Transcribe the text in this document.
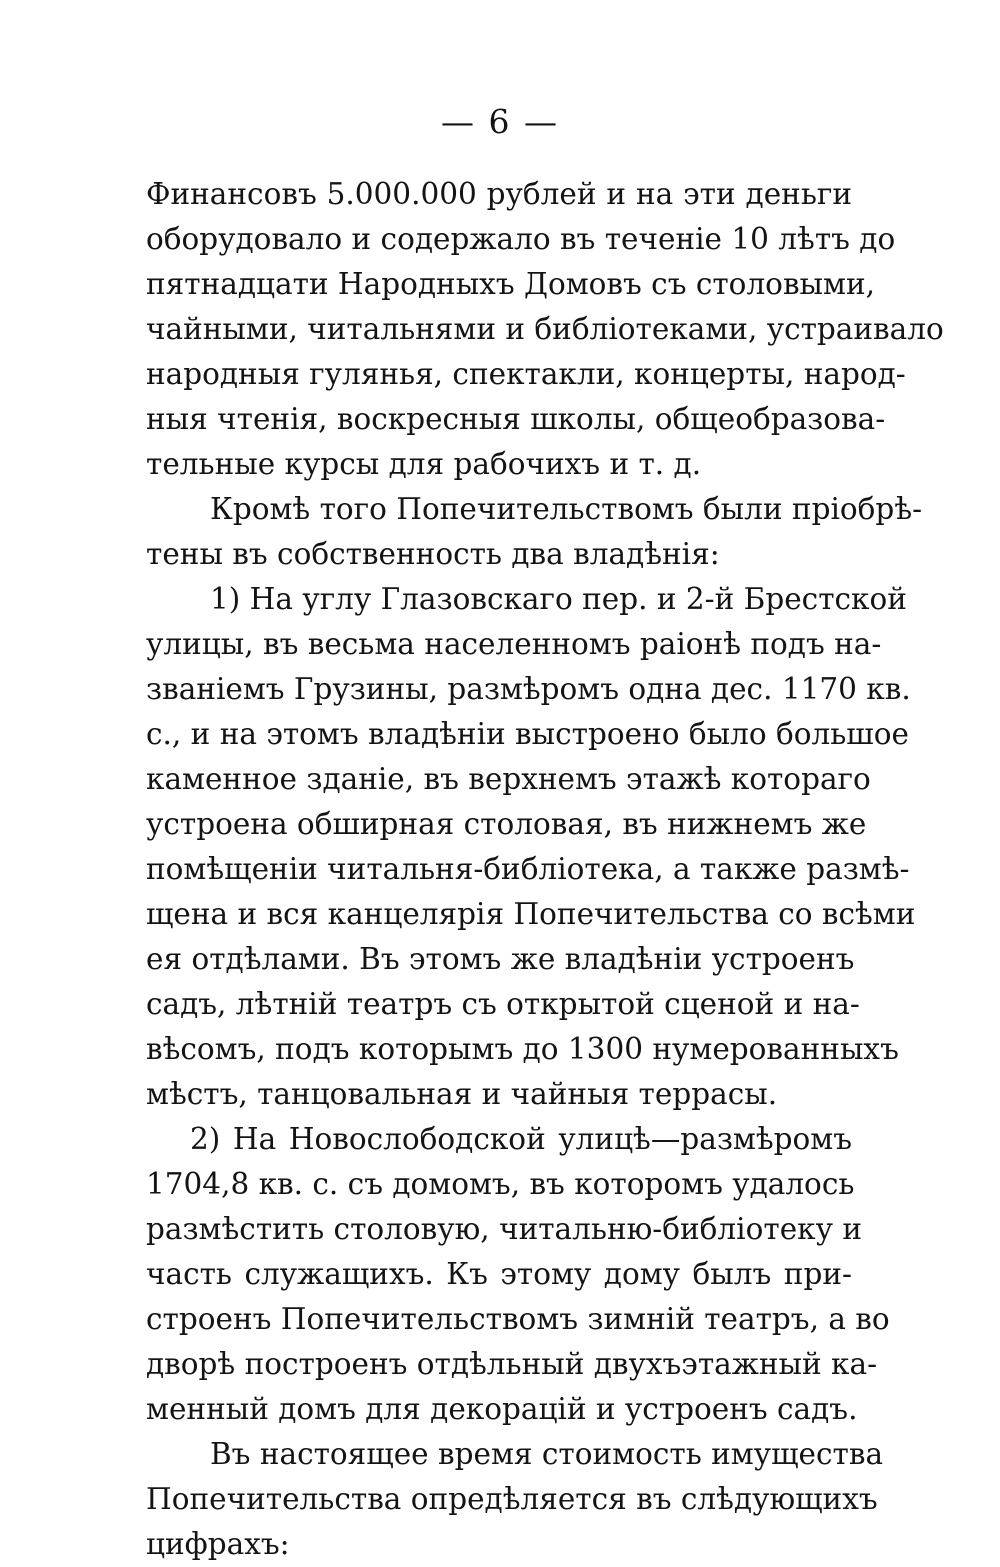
— 6 —
Финансовъ 5.000.000 рублей и на эти деньги
оборудовало и содержало въ теченіе 10 лѣтъ до
пятнадцати Народныхъ Домовъ съ столовыми,
чайными, читальнями и библіотеками, устраивало
народныя гулянья, спектакли, концерты, народ-
ныя чтенія, воскресныя школы, общеобразова-
тельные курсы для рабочихъ и т. д.
Кромѣ того Попечительствомъ были пріобрѣ-
тены въ собственность два владѣнія:
1) На углу Глазовскаго пер. и 2-й Брестской
улицы, въ весьма населенномъ раіонѣ подъ на-
званіемъ Грузины, размѣромъ одна дес. 1170 кв.
с., и на этомъ владѣніи выстроено было большое
каменное зданіе, въ верхнемъ этажѣ котораго
устроена обширная столовая, въ нижнемъ же
помѣщеніи читальня-библіотека, а также размѣ-
щена и вся канцелярія Попечительства со всѣми
ея отдѣлами. Въ этомъ же владѣніи устроенъ
садъ, лѣтній театръ съ открытой сценой и на-
вѣсомъ, подъ которымъ до 1300 нумерованныхъ
мѣстъ, танцовальная и чайныя террасы.
2) На Новослободской улицѣ—размѣромъ
1704,8 кв. с. съ домомъ, въ которомъ удалось
размѣстить столовую, читальню-библіотеку и
часть служащихъ. Къ этому дому былъ при-
строенъ Попечительствомъ зимній театръ, а во
дворѣ построенъ отдѣльный двухъэтажный ка-
менный домъ для декорацій и устроенъ садъ.
Въ настоящее время стоимость имущества
Попечительства опредѣляется въ слѣдующихъ
цифрахъ:
